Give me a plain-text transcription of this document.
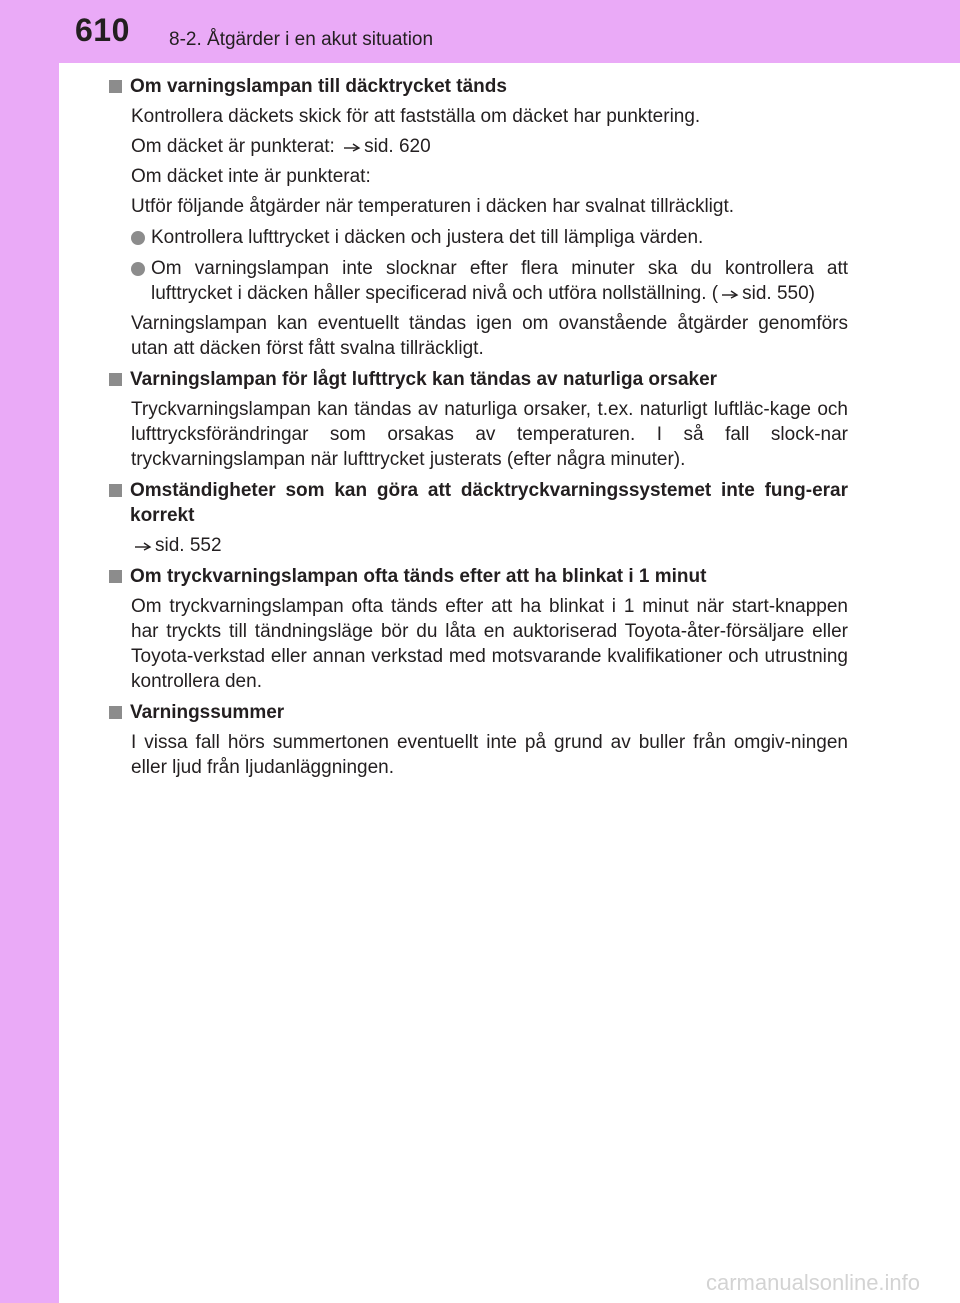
610 8-2. Åtgärder i en akut situation
Om varningslampan till däcktrycket tänds
Kontrollera däckets skick för att fastställa om däcket har punktering.
Om däcket är punkterat: sid. 620
Om däcket inte är punkterat:
Utför följande åtgärder när temperaturen i däcken har svalnat tillräckligt.
Kontrollera lufttrycket i däcken och justera det till lämpliga värden.
Om varningslampan inte slocknar efter flera minuter ska du kontrollera att lufttrycket i däcken håller specificerad nivå och utföra nollställning. ( sid. 550)
Varningslampan kan eventuellt tändas igen om ovanstående åtgärder genomförs utan att däcken först fått svalna tillräckligt.
Varningslampan för lågt lufttryck kan tändas av naturliga orsaker
Tryckvarningslampan kan tändas av naturliga orsaker, t.ex. naturligt luftläc-kage och lufttrycksförändringar som orsakas av temperaturen. I så fall slock-nar tryckvarningslampan när lufttrycket justerats (efter några minuter).
Omständigheter som kan göra att däcktryckvarningssystemet inte fung-erar korrekt
sid. 552
Om tryckvarningslampan ofta tänds efter att ha blinkat i 1 minut
Om tryckvarningslampan ofta tänds efter att ha blinkat i 1 minut när start-knappen har tryckts till tändningsläge bör du låta en auktoriserad Toyota-åter-försäljare eller Toyota-verkstad eller annan verkstad med motsvarande kvalifikationer och utrustning kontrollera den.
Varningssummer
I vissa fall hörs summertonen eventuellt inte på grund av buller från omgiv-ningen eller ljud från ljudanläggningen.
carmanualsonline.info
